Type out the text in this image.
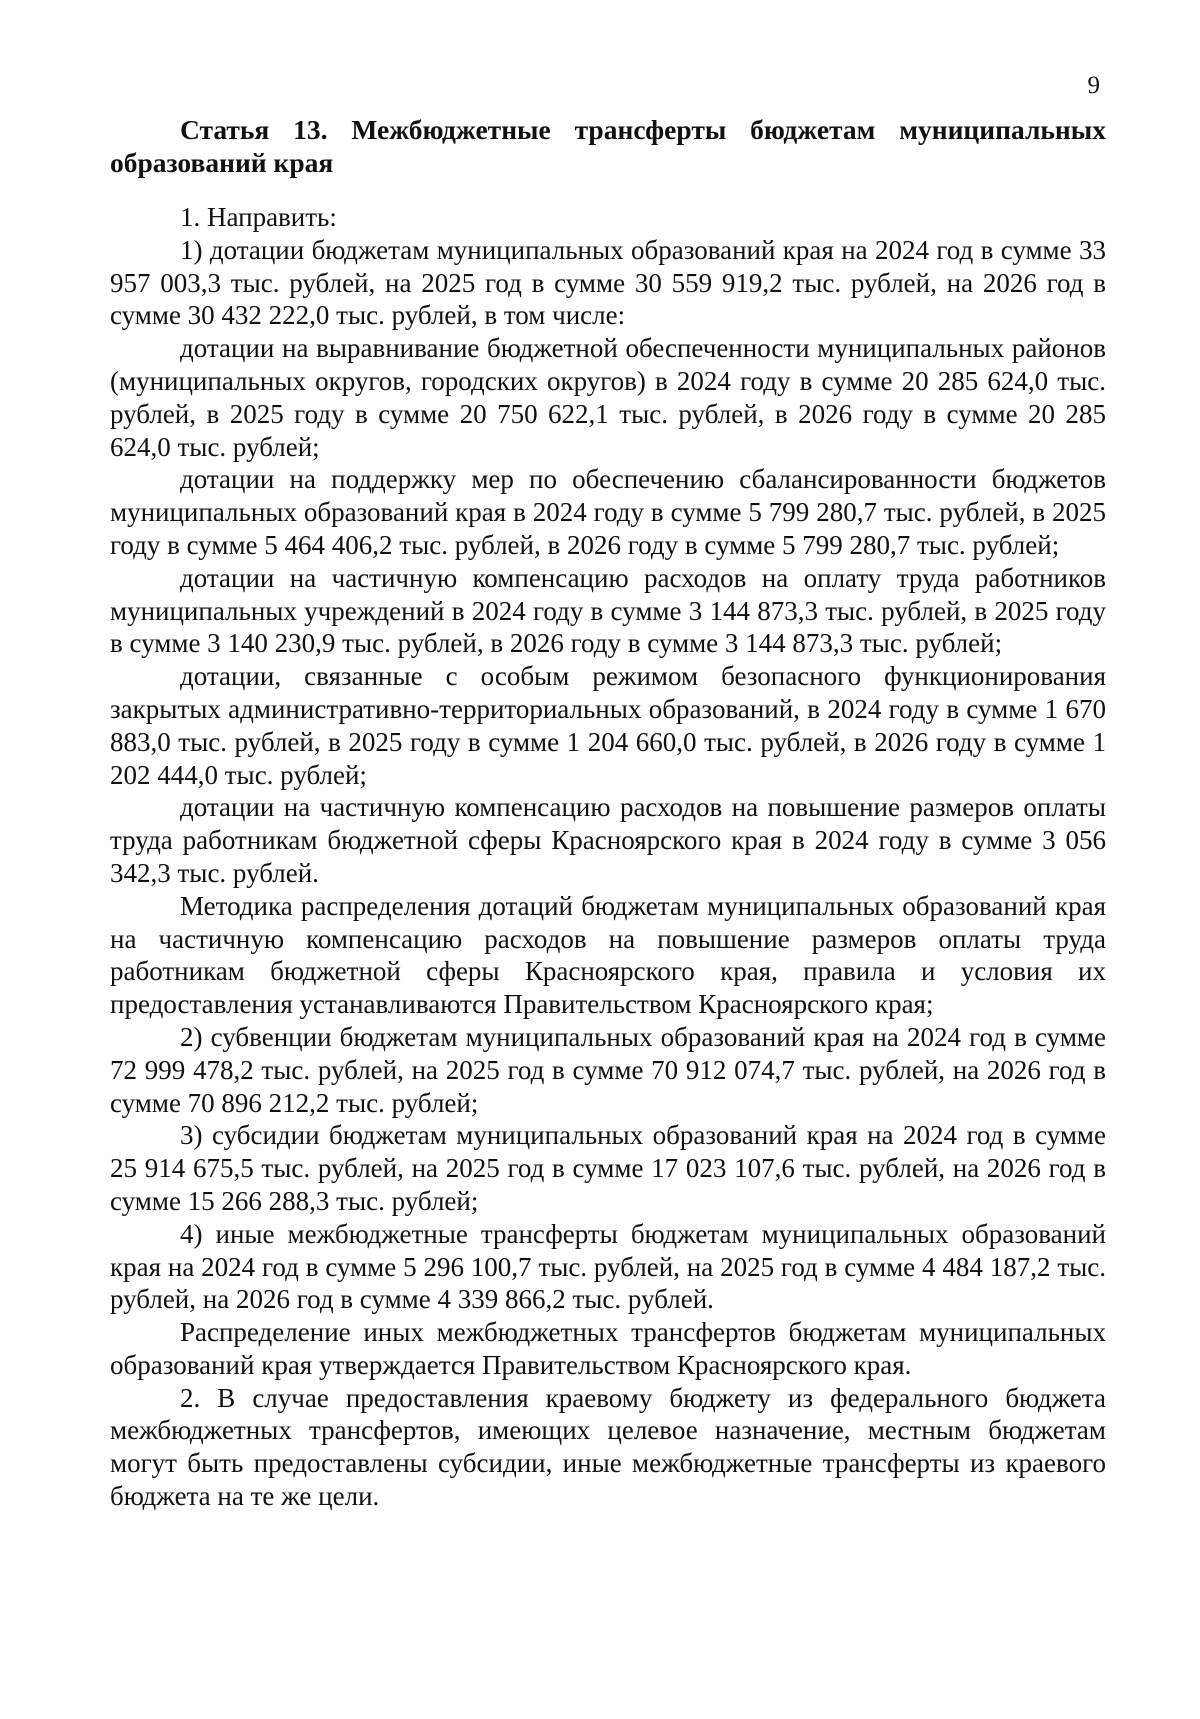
9
Статья 13. Межбюджетные трансферты бюджетам муниципальных образований края

1. Направить:

1) дотации бюджетам муниципальных образований края на 2024 год в сумме 33 957 003,3 тыс. рублей, на 2025 год в сумме 30 559 919,2 тыс. рублей, на 2026 год в сумме 30 432 222,0 тыс. рублей, в том числе:

дотации на выравнивание бюджетной обеспеченности муниципальных районов (муниципальных округов, городских округов) в 2024 году в сумме 20 285 624,0 тыс. рублей, в 2025 году в сумме 20 750 622,1 тыс. рублей, в 2026 году в сумме 20 285 624,0 тыс. рублей;

дотации на поддержку мер по обеспечению сбалансированности бюджетов муниципальных образований края в 2024 году в сумме 5 799 280,7 тыс. рублей, в 2025 году в сумме 5 464 406,2 тыс. рублей, в 2026 году в сумме 5 799 280,7 тыс. рублей;

дотации на частичную компенсацию расходов на оплату труда работников муниципальных учреждений в 2024 году в сумме 3 144 873,3 тыс. рублей, в 2025 году в сумме 3 140 230,9 тыс. рублей, в 2026 году в сумме 3 144 873,3 тыс. рублей;

дотации, связанные с особым режимом безопасного функционирования закрытых административно-территориальных образований, в 2024 году в сумме 1 670 883,0 тыс. рублей, в 2025 году в сумме 1 204 660,0 тыс. рублей, в 2026 году в сумме 1 202 444,0 тыс. рублей;

дотации на частичную компенсацию расходов на повышение размеров оплаты труда работникам бюджетной сферы Красноярского края в 2024 году в сумме 3 056 342,3 тыс. рублей.

Методика распределения дотаций бюджетам муниципальных образований края на частичную компенсацию расходов на повышение размеров оплаты труда работникам бюджетной сферы Красноярского края, правила и условия их предоставления устанавливаются Правительством Красноярского края;

2) субвенции бюджетам муниципальных образований края на 2024 год в сумме 72 999 478,2 тыс. рублей, на 2025 год в сумме 70 912 074,7 тыс. рублей, на 2026 год в сумме 70 896 212,2 тыс. рублей;

3) субсидии бюджетам муниципальных образований края на 2024 год в сумме 25 914 675,5 тыс. рублей, на 2025 год в сумме 17 023 107,6 тыс. рублей, на 2026 год в сумме 15 266 288,3 тыс. рублей;

4) иные межбюджетные трансферты бюджетам муниципальных образований края на 2024 год в сумме 5 296 100,7 тыс. рублей, на 2025 год в сумме 4 484 187,2 тыс. рублей, на 2026 год в сумме 4 339 866,2 тыс. рублей.

Распределение иных межбюджетных трансфертов бюджетам муниципальных образований края утверждается Правительством Красноярского края.

2. В случае предоставления краевому бюджету из федерального бюджета межбюджетных трансфертов, имеющих целевое назначение, местным бюджетам могут быть предоставлены субсидии, иные межбюджетные трансферты из краевого бюджета на те же цели.
